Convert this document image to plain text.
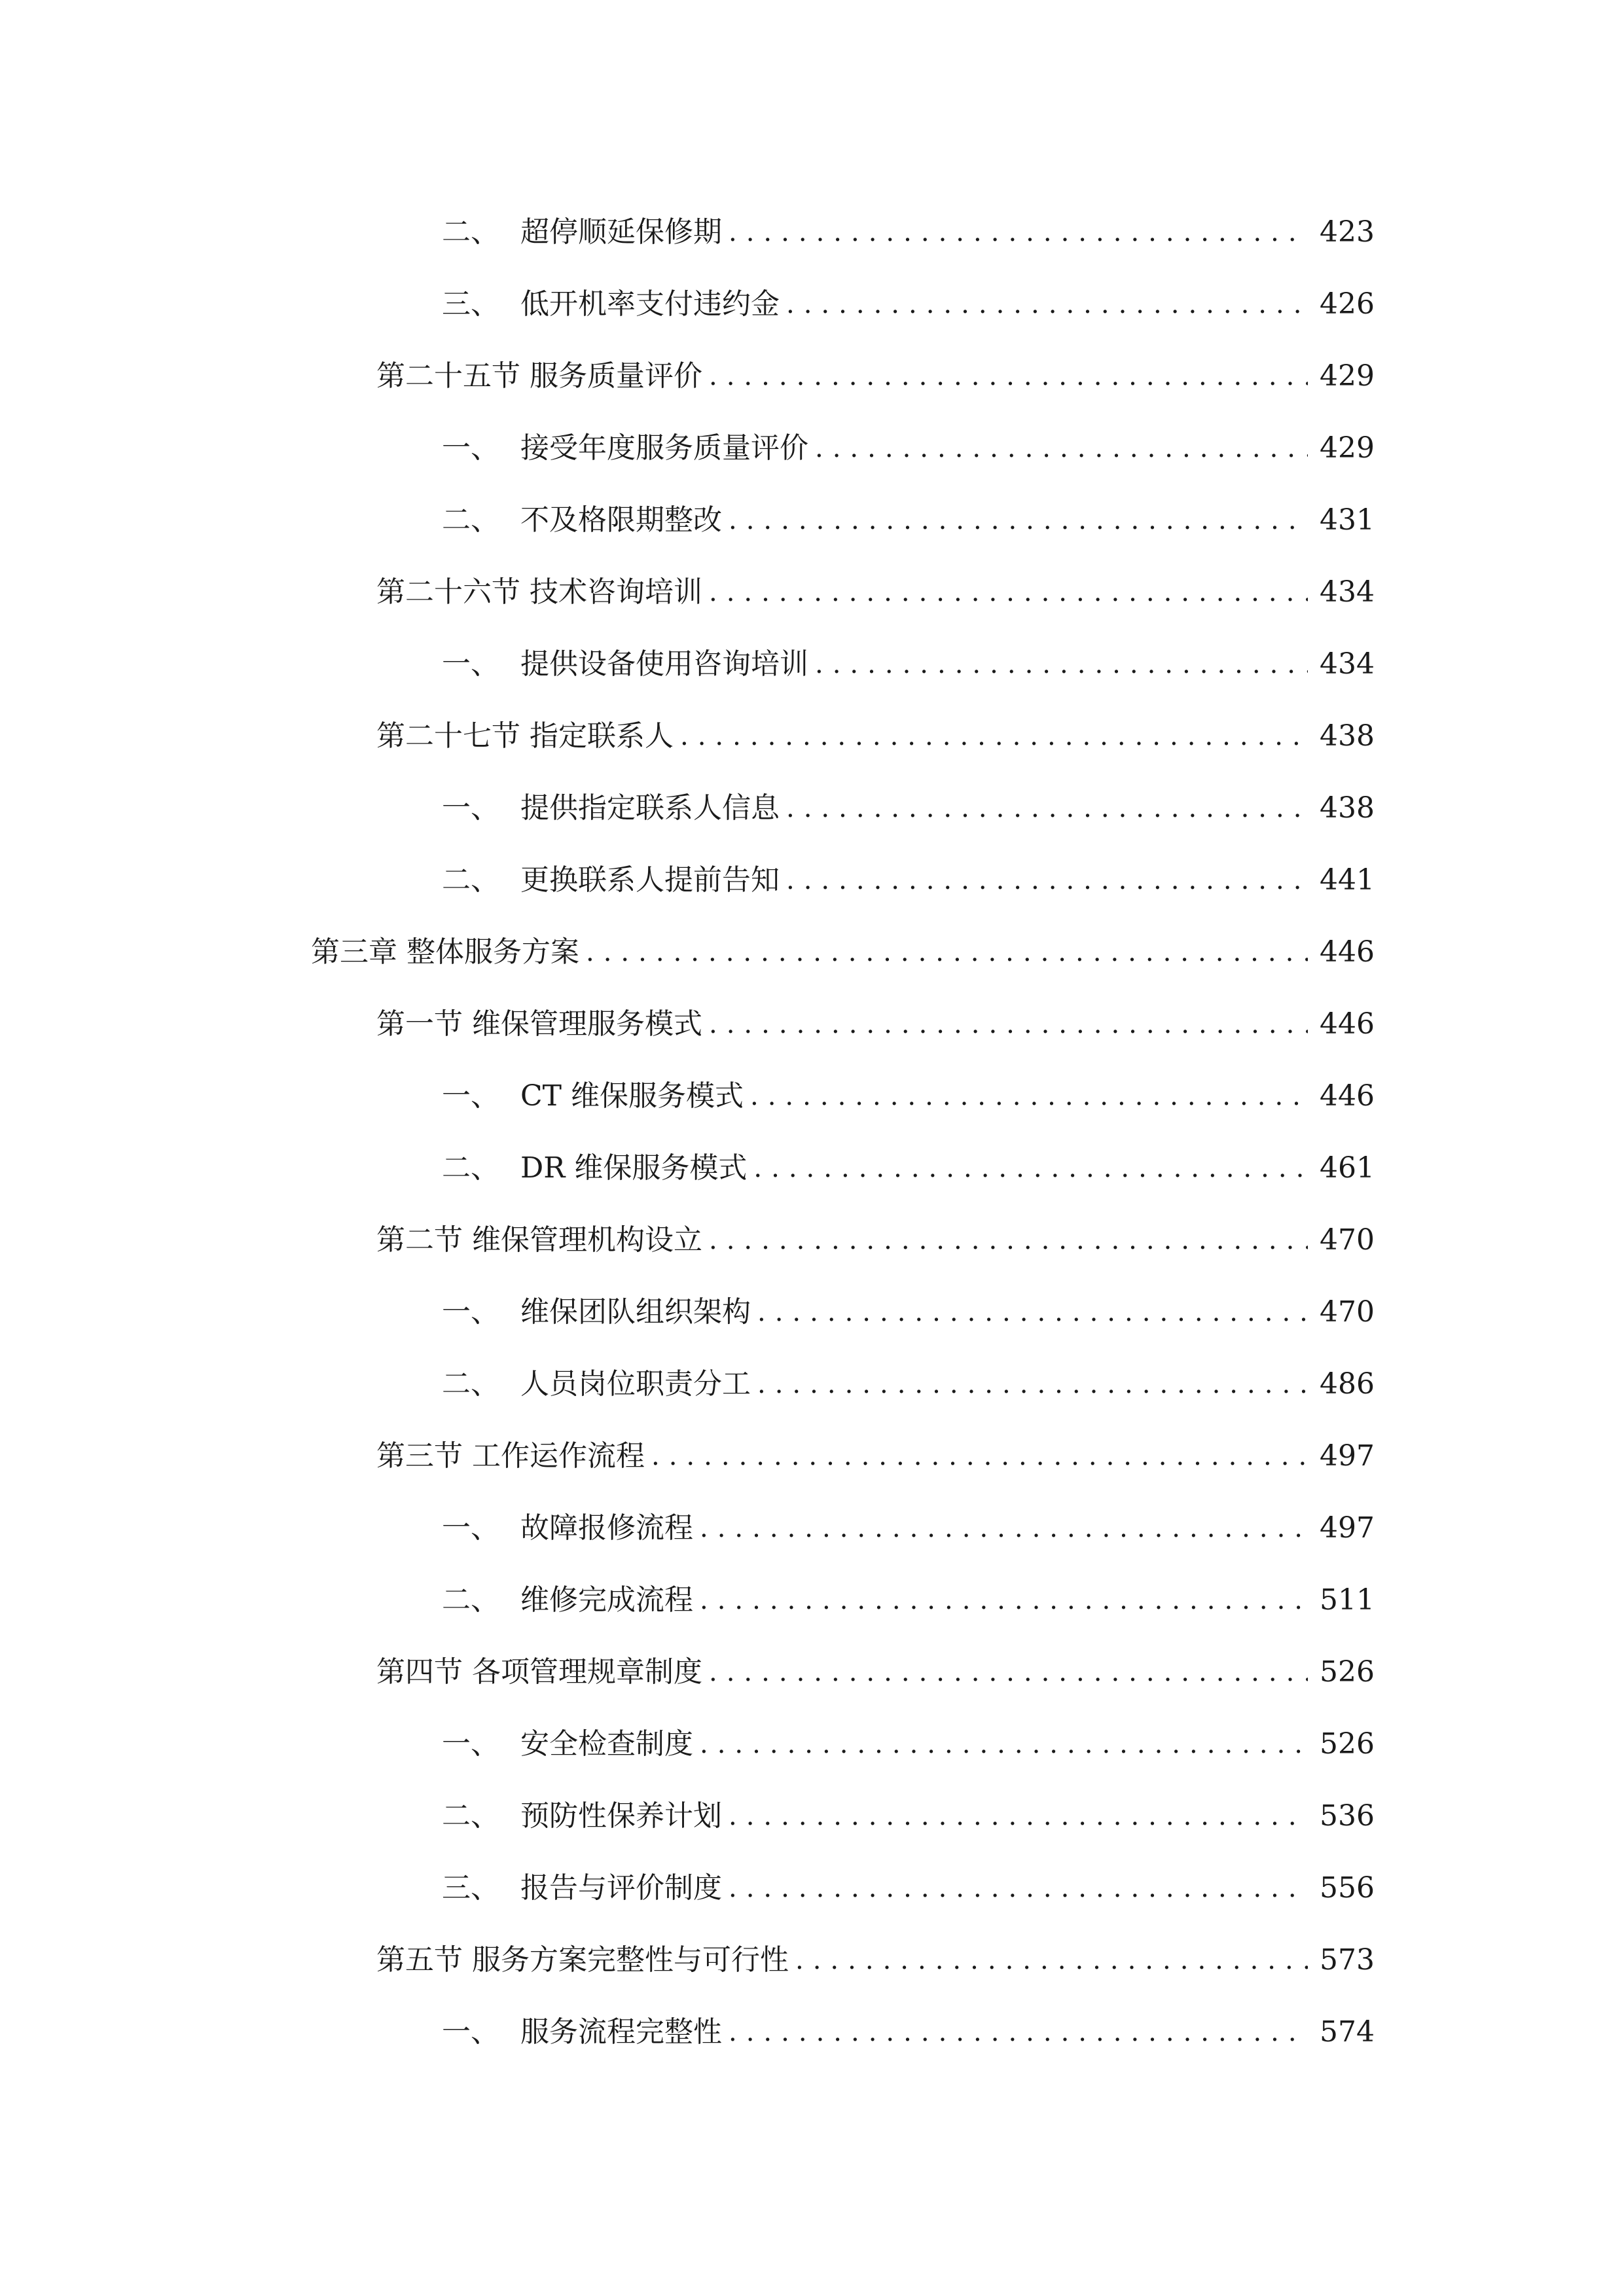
二、 超停顺延保修期 .....	423
三、 低开机率支付违约金 .....	426
第二十五节 服务质量评价 .....	429
一、 接受年度服务质量评价 .....	429
二、 不及格限期整改 .....	431
第二十六节 技术咨询培训 .....	434
一、 提供设备使用咨询培训 .....	434
第二十七节 指定联系人 .....	438
一、 提供指定联系人信息 .....	438
二、 更换联系人提前告知 .....	441
第三章 整体服务方案 .....	446
第一节 维保管理服务模式 .....	446
一、 CT 维保服务模式 .....	446
二、 DR 维保服务模式 .....	461
第二节 维保管理机构设立 .....	470
一、 维保团队组织架构 .....	470
二、 人员岗位职责分工 .....	486
第三节 工作运作流程 .....	497
一、 故障报修流程 .....	497
二、 维修完成流程 .....	511
第四节 各项管理规章制度 .....	526
一、 安全检查制度 .....	526
二、 预防性保养计划 .....	536
三、 报告与评价制度 .....	556
第五节 服务方案完整性与可行性 .....	573
一、 服务流程完整性 .....	574
